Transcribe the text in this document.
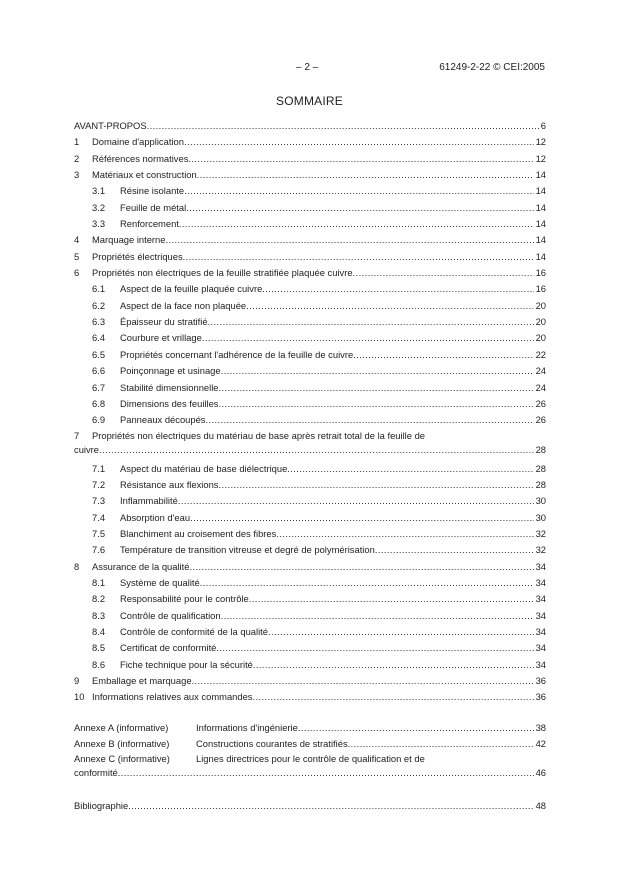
– 2 –	61249-2-22 © CEI:2005
SOMMAIRE
AVANT-PROPOS .....	6
1	Domaine d'application .....	12
2	Références normatives .....	12
3	Matériaux et construction .....	14
3.1	Résine isolante .....	14
3.2	Feuille de métal .....	14
3.3	Renforcement .....	14
4	Marquage interne .....	14
5	Propriétés électriques .....	14
6	Propriétés non électriques de la feuille stratifiée plaquée cuivre .....	16
6.1	Aspect de la feuille plaquée cuivre .....	16
6.2	Aspect de la face non plaquée .....	20
6.3	Épaisseur du stratifié .....	20
6.4	Courbure et vrillage .....	20
6.5	Propriétés concernant l'adhérence de la feuille de cuivre .....	22
6.6	Poinçonnage et usinage .....	24
6.7	Stabilité dimensionnelle .....	24
6.8	Dimensions des feuilles .....	26
6.9	Panneaux découpés .....	26
7	Propriétés non électriques du matériau de base après retrait total de la feuille de
cuivre .....	28
7.1	Aspect du matériau de base diélectrique .....	28
7.2	Résistance aux flexions .....	28
7.3	Inflammabilité .....	30
7.4	Absorption d'eau .....	30
7.5	Blanchiment au croisement des fibres .....	32
7.6	Température de transition vitreuse et degré de polymérisation .....	32
8	Assurance de la qualité .....	34
8.1	Système de qualité .....	34
8.2	Responsabilité pour le contrôle .....	34
8.3	Contrôle de qualification .....	34
8.4	Contrôle de conformité de la qualité .....	34
8.5	Certificat de conformité .....	34
8.6	Fiche technique pour la sécurité .....	34
9	Emballage et marquage .....	36
10 Informations relatives aux commandes .....	36
Annexe A (informative)	Informations d'ingénierie .....	38
Annexe B (informative)	Constructions courantes de stratifiés .....	42
Annexe C (informative)	Lignes directrices pour le contrôle de qualification et de
conformité .....	46
Bibliographie .....	48
